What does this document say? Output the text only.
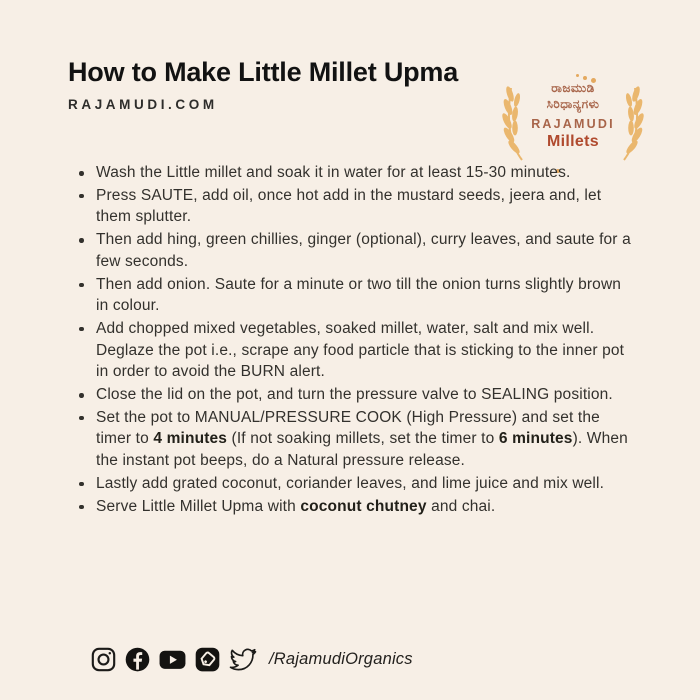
How to Make Little Millet Upma
RAJAMUDI.COM
ರಾಜಮುಡಿ
ಸಿರಿಧಾನ್ಯಗಳು
RAJAMUDI
Millets
Wash the Little millet and soak it in water for at least 15-30 minutes.
Press SAUTE, add oil, once hot add in the mustard seeds, jeera and, let them splutter.
Then add hing, green chillies, ginger (optional), curry leaves, and saute for a few seconds.
Then add onion. Saute for a minute or two till the onion turns slightly brown in colour.
Add chopped mixed vegetables, soaked millet, water, salt and mix well. Deglaze the pot i.e., scrape any food particle that is sticking to the inner pot in order to avoid the BURN alert.
Close the lid on the pot, and turn the pressure valve to SEALING position.
Set the pot to MANUAL/PRESSURE COOK (High Pressure) and set the timer to 4 minutes (If not soaking millets, set the timer to 6 minutes). When the instant pot beeps, do a Natural pressure release.
Lastly add grated coconut, coriander leaves, and lime juice and mix well.
Serve Little Millet Upma with coconut chutney and chai.
/RajamudiOrganics
